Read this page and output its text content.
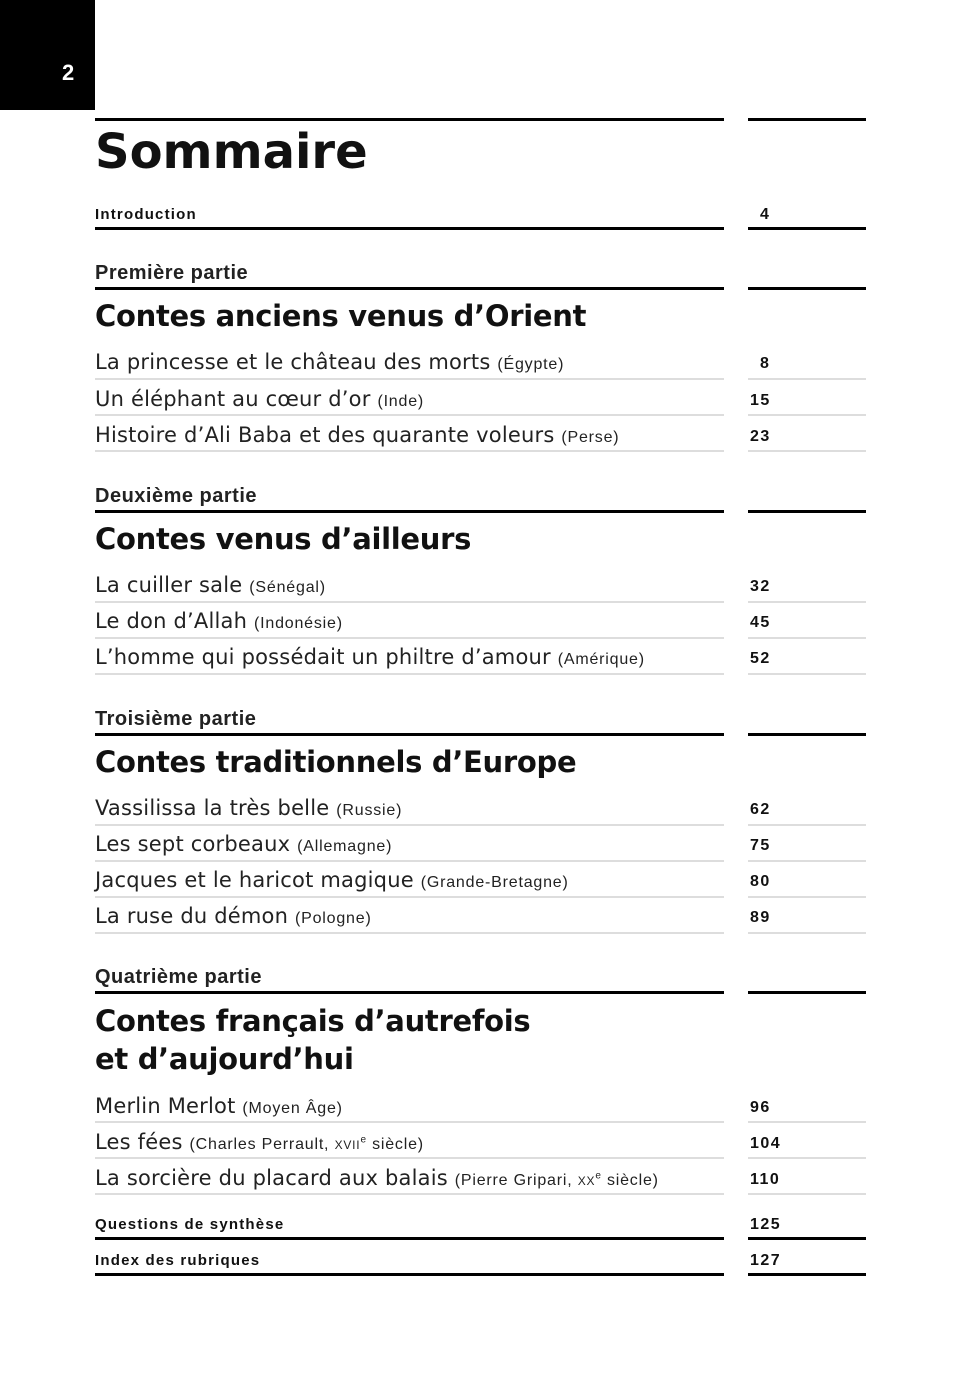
2
Sommaire
Introduction	4
Première partie
Contes anciens venus d’Orient
La princesse et le château des morts (Égypte)	8
Un éléphant au cœur d’or (Inde)	15
Histoire d’Ali Baba et des quarante voleurs (Perse)	23
Deuxième partie
Contes venus d’ailleurs
La cuiller sale (Sénégal)	32
Le don d’Allah (Indonésie)	45
L’homme qui possédait un philtre d’amour (Amérique)	52
Troisième partie
Contes traditionnels d’Europe
Vassilissa la très belle (Russie)	62
Les sept corbeaux (Allemagne)	75
Jacques et le haricot magique (Grande-Bretagne)	80
La ruse du démon (Pologne)	89
Quatrième partie
Contes français d’autrefois
et d’aujourd’hui
Merlin Merlot (Moyen Âge)	96
Les fées (Charles Perrault, XVIIe siècle)	104
La sorcière du placard aux balais (Pierre Gripari, XXe siècle)	110
Questions de synthèse	125
Index des rubriques	127
